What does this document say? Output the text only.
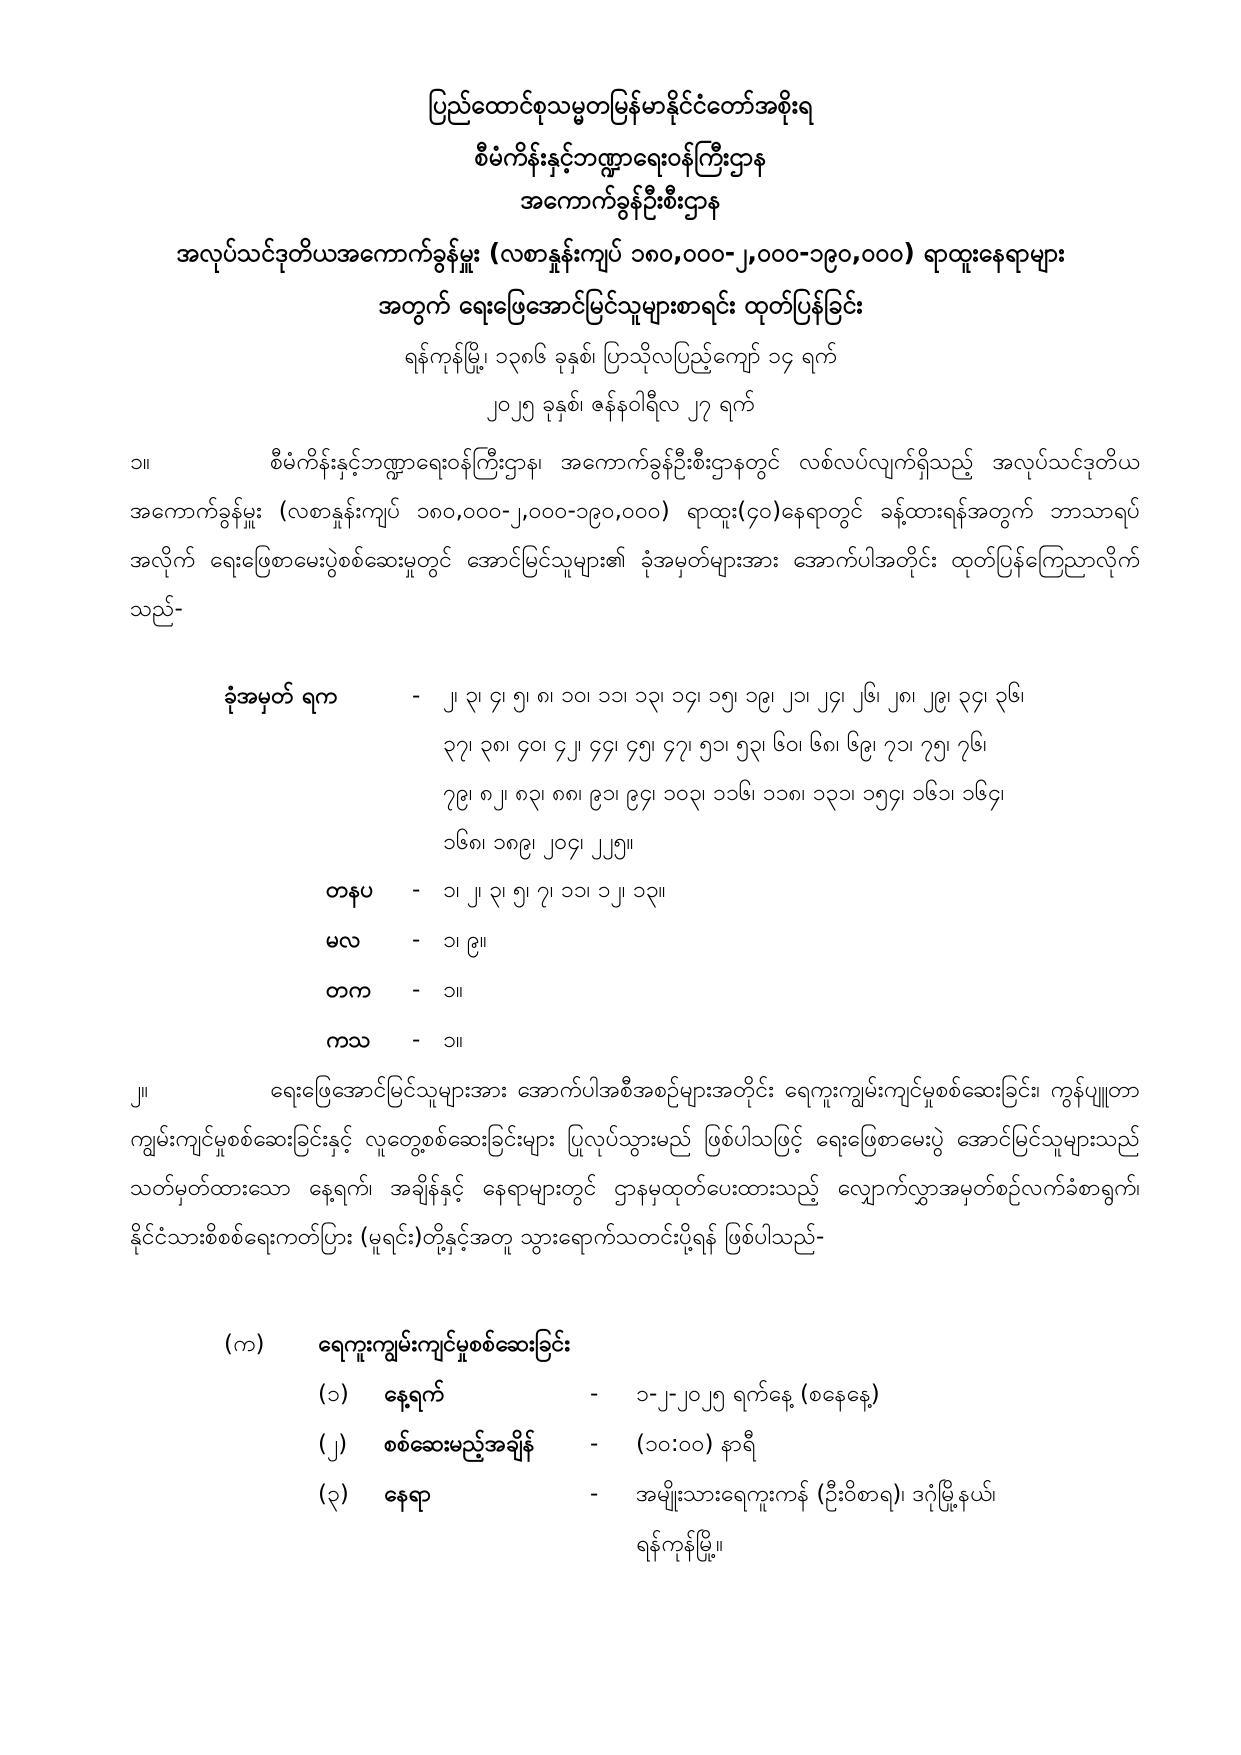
ပြည်ထောင်စုသမ္မတမြန်မာနိုင်ငံတော်အစိုးရ
စီမံကိန်းနှင့်ဘဏ္ဍာရေးဝန်ကြီးဌာန
အကောက်ခွန်ဦးစီးဌာန
အလုပ်သင်ဒုတိယအကောက်ခွန်မှူး (လစာနှုန်းကျပ် ၁၈၀,၀၀၀-၂,၀၀၀-၁၉၀,၀၀၀) ရာထူးနေရာများ
အတွက် ရေးဖြေအောင်မြင်သူများစာရင်း ထုတ်ပြန်ခြင်း
ရန်ကုန်မြို့၊ ၁၃၈၆ ခုနှစ်၊ ပြာသိုလပြည့်ကျော် ၁၄ ရက်
၂၀၂၅ ခုနှစ်၊ ဇန်နဝါရီလ ၂၇ ရက်
၁။	စီမံကိန်းနှင့်ဘဏ္ဍာရေးဝန်ကြီးဌာန၊ အကောက်ခွန်ဦးစီးဌာနတွင် လစ်လပ်လျက်ရှိသည့် အလုပ်သင်ဒုတိယအကောက်ခွန်မှူး (လစာနှုန်းကျပ် ၁၈၀,၀၀၀-၂,၀၀၀-၁၉၀,၀၀၀) ရာထူး(၄၀)နေရာတွင် ခန့်ထားရန်အတွက် ဘာသာရပ်အလိုက် ရေးဖြေစာမေးပွဲစစ်ဆေးမှုတွင် အောင်မြင်သူများ၏ ခုံအမှတ်များအား အောက်ပါအတိုင်း ထုတ်ပြန်ကြေညာလိုက်သည်-
ခုံအမှတ် ရက	- ၂၊ ၃၊ ၄၊ ၅၊ ၈၊ ၁၀၊ ၁၁၊ ၁၃၊ ၁၄၊ ၁၅၊ ၁၉၊ ၂၁၊ ၂၄၊ ၂၆၊ ၂၈၊ ၂၉၊ ၃၄၊ ၃၆၊
၃၇၊ ၃၈၊ ၄၀၊ ၄၂၊ ၄၄၊ ၄၅၊ ၄၇၊ ၅၁၊ ၅၃၊ ၆၀၊ ၆၈၊ ၆၉၊ ၇၁၊ ၇၅၊ ၇၆၊
၇၉၊ ၈၂၊ ၈၃၊ ၈၈၊ ၉၁၊ ၉၄၊ ၁၀၃၊ ၁၁၆၊ ၁၁၈၊ ၁၃၁၊ ၁၅၄၊ ၁၆၁၊ ၁၆၄၊
၁၆၈၊ ၁၈၉၊ ၂၀၄၊ ၂၂၅။
တနပ - ၁၊ ၂၊ ၃၊ ၅၊ ၇၊ ၁၁၊ ၁၂၊ ၁၃။
မလ - ၁၊ ၉။
တက - ၁။
ကသ - ၁။
၂။	ရေးဖြေအောင်မြင်သူများအား အောက်ပါအစီအစဉ်များအတိုင်း ရေကူးကျွမ်းကျင်မှုစစ်ဆေးခြင်း၊ ကွန်ပျူတာကျွမ်းကျင်မှုစစ်ဆေးခြင်းနှင့် လူတွေ့စစ်ဆေးခြင်းများ ပြုလုပ်သွားမည် ဖြစ်ပါသဖြင့် ရေးဖြေစာမေးပွဲ အောင်မြင်သူများသည် သတ်မှတ်ထားသော နေ့ရက်၊ အချိန်နှင့် နေရာများတွင် ဌာနမှထုတ်ပေးထားသည့် လျှောက်လွှာအမှတ်စဉ်လက်ခံစာရွက်၊ နိုင်ငံသားစိစစ်ရေးကတ်ပြား (မူရင်း)တို့နှင့်အတူ သွားရောက်သတင်းပို့ရန် ဖြစ်ပါသည်-
(က) ရေကူးကျွမ်းကျင်မှုစစ်ဆေးခြင်း
(၁) နေ့ရက်	- ၁-၂-၂၀၂၅ ရက်နေ့ (စနေနေ့)
(၂) စစ်ဆေးမည့်အချိန် - (၁၀:၀၀) နာရီ
(၃) နေရာ	- အမျိုးသားရေကူးကန် (ဦးဝိစာရ)၊ ဒဂုံမြို့နယ်၊
ရန်ကုန်မြို့။
